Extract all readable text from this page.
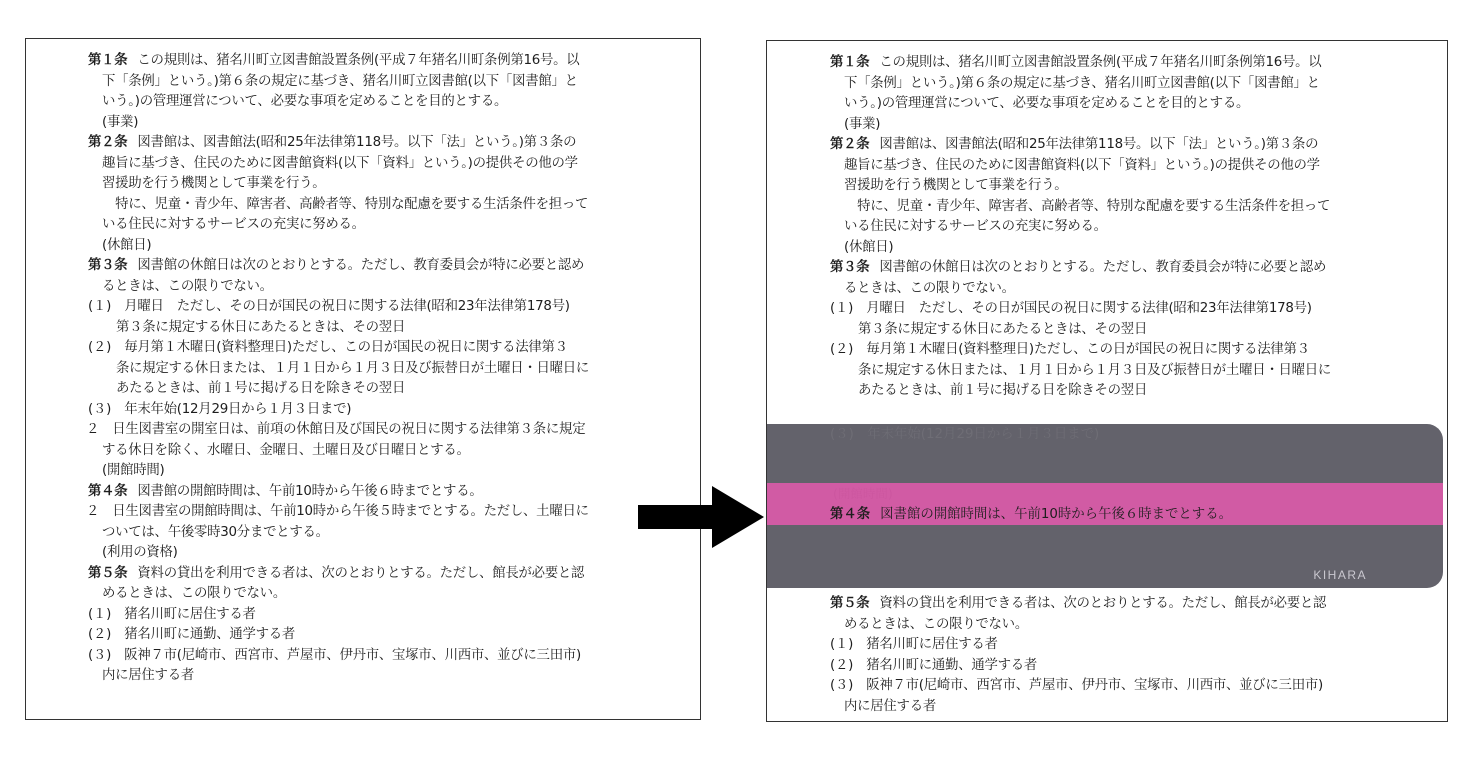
第１条 この規則は、猪名川町立図書館設置条例(平成７年猪名川町条例第16号。以
下「条例」という。)第６条の規定に基づき、猪名川町立図書館(以下「図書館」と
いう。)の管理運営について、必要な事項を定めることを目的とする。
(事業)
第２条 図書館は、図書館法(昭和25年法律第118号。以下「法」という。)第３条の
趣旨に基づき、住民のために図書館資料(以下「資料」という。)の提供その他の学
習援助を行う機関として事業を行う。
　特に、児童・青少年、障害者、高齢者等、特別な配慮を要する生活条件を担って
いる住民に対するサービスの充実に努める。
(休館日)
第３条 図書館の休館日は次のとおりとする。ただし、教育委員会が特に必要と認め
るときは、この限りでない。
(１)　月曜日　ただし、その日が国民の祝日に関する法律(昭和23年法律第178号)
第３条に規定する休日にあたるときは、その翌日
(２)　毎月第１木曜日(資料整理日)ただし、この日が国民の祝日に関する法律第３
条に規定する休日または、１月１日から１月３日及び振替日が土曜日・日曜日に
あたるときは、前１号に掲げる日を除きその翌日
(３)　年末年始(12月29日から１月３日まで)
２　日生図書室の開室日は、前項の休館日及び国民の祝日に関する法律第３条に規定
する休日を除く、水曜日、金曜日、土曜日及び日曜日とする。
(開館時間)
第４条 図書館の開館時間は、午前10時から午後６時までとする。
２　日生図書室の開館時間は、午前10時から午後５時までとする。ただし、土曜日に
ついては、午後零時30分までとする。
(利用の資格)
第５条 資料の貸出を利用できる者は、次のとおりとする。ただし、館長が必要と認
めるときは、この限りでない。
(１)　猪名川町に居住する者
(２)　猪名川町に通勤、通学する者
(３)　阪神７市(尼崎市、西宮市、芦屋市、伊丹市、宝塚市、川西市、並びに三田市)
内に居住する者
第１条 この規則は、猪名川町立図書館設置条例(平成７年猪名川町条例第16号。以
下「条例」という。)第６条の規定に基づき、猪名川町立図書館(以下「図書館」と
いう。)の管理運営について、必要な事項を定めることを目的とする。
(事業)
第２条 図書館は、図書館法(昭和25年法律第118号。以下「法」という。)第３条の
趣旨に基づき、住民のために図書館資料(以下「資料」という。)の提供その他の学
習援助を行う機関として事業を行う。
　特に、児童・青少年、障害者、高齢者等、特別な配慮を要する生活条件を担って
いる住民に対するサービスの充実に努める。
(休館日)
第３条 図書館の休館日は次のとおりとする。ただし、教育委員会が特に必要と認め
るときは、この限りでない。
(１)　月曜日　ただし、その日が国民の祝日に関する法律(昭和23年法律第178号)
第３条に規定する休日にあたるときは、その翌日
(２)　毎月第１木曜日(資料整理日)ただし、この日が国民の祝日に関する法律第３
条に規定する休日または、１月１日から１月３日及び振替日が土曜日・日曜日に
あたるときは、前１号に掲げる日を除きその翌日
(３)　年末年始(12月29日から１月３日まで)
第４条 図書館の開館時間は、午前10時から午後６時までとする。
KIHARA
第５条 資料の貸出を利用できる者は、次のとおりとする。ただし、館長が必要と認
めるときは、この限りでない。
(１)　猪名川町に居住する者
(２)　猪名川町に通勤、通学する者
(３)　阪神７市(尼崎市、西宮市、芦屋市、伊丹市、宝塚市、川西市、並びに三田市)
内に居住する者
